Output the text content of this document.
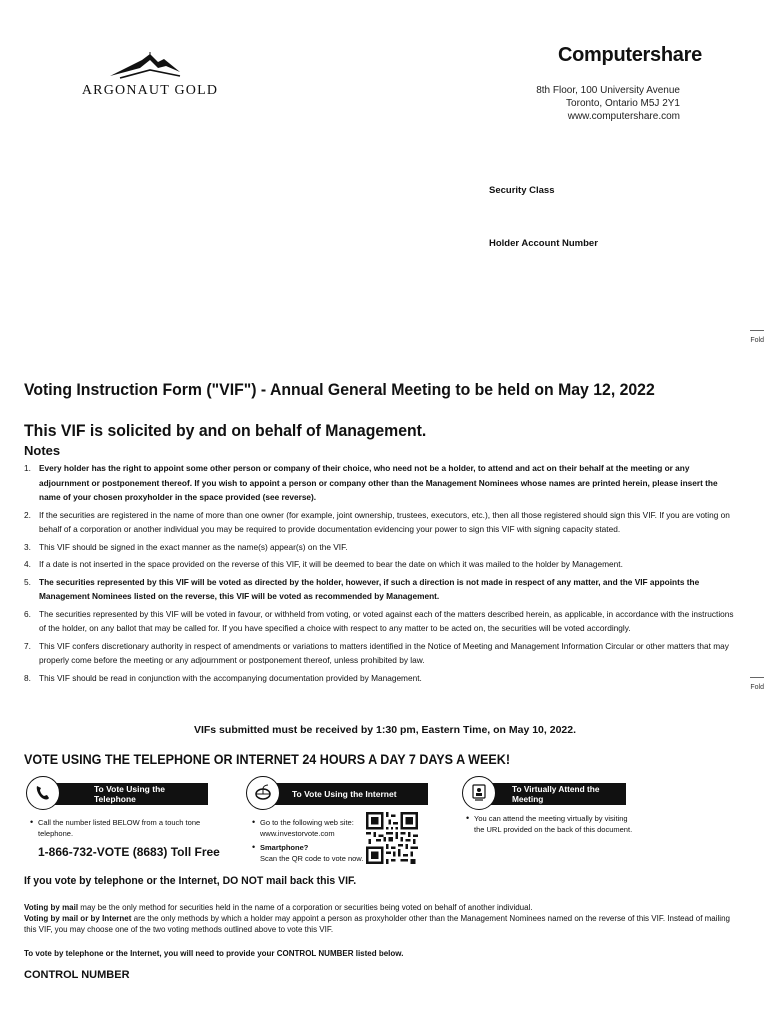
ARGONAUT GOLD
Computershare
8th Floor, 100 University Avenue
Toronto, Ontario M5J 2Y1
www.computershare.com
Security Class
Holder Account Number
Fold
Fold
Voting Instruction Form ("VIF") - Annual General Meeting to be held on May 12, 2022
This VIF is solicited by and on behalf of Management.
Notes
1. Every holder has the right to appoint some other person or company of their choice, who need not be a holder, to attend and act on their behalf at the meeting or any adjournment or postponement thereof. If you wish to appoint a person or company other than the Management Nominees whose names are printed herein, please insert the name of your chosen proxyholder in the space provided (see reverse).
2. If the securities are registered in the name of more than one owner (for example, joint ownership, trustees, executors, etc.), then all those registered should sign this VIF. If you are voting on behalf of a corporation or another individual you may be required to provide documentation evidencing your power to sign this VIF with signing capacity stated.
3. This VIF should be signed in the exact manner as the name(s) appear(s) on the VIF.
4. If a date is not inserted in the space provided on the reverse of this VIF, it will be deemed to bear the date on which it was mailed to the holder by Management.
5. The securities represented by this VIF will be voted as directed by the holder, however, if such a direction is not made in respect of any matter, and the VIF appoints the Management Nominees listed on the reverse, this VIF will be voted as recommended by Management.
6. The securities represented by this VIF will be voted in favour, or withheld from voting, or voted against each of the matters described herein, as applicable, in accordance with the instructions of the holder, on any ballot that may be called for. If you have specified a choice with respect to any matter to be acted on, the securities will be voted accordingly.
7. This VIF confers discretionary authority in respect of amendments or variations to matters identified in the Notice of Meeting and Management Information Circular or other matters that may properly come before the meeting or any adjournment or postponement thereof, unless prohibited by law.
8. This VIF should be read in conjunction with the accompanying documentation provided by Management.
VIFs submitted must be received by 1:30 pm, Eastern Time, on May 10, 2022.
VOTE USING THE TELEPHONE OR INTERNET 24 HOURS A DAY 7 DAYS A WEEK!
To Vote Using the Telephone
• Call the number listed BELOW from a touch tone telephone.
1-866-732-VOTE (8683) Toll Free
To Vote Using the Internet
• Go to the following web site: www.investorvote.com
• Smartphone?
Scan the QR code to vote now.
To Virtually Attend the Meeting
• You can attend the meeting virtually by visiting the URL provided on the back of this document.
If you vote by telephone or the Internet, DO NOT mail back this VIF.
Voting by mail may be the only method for securities held in the name of a corporation or securities being voted on behalf of another individual.
Voting by mail or by Internet are the only methods by which a holder may appoint a person as proxyholder other than the Management Nominees named on the reverse of this VIF. Instead of mailing this VIF, you may choose one of the two voting methods outlined above to vote this VIF.
To vote by telephone or the Internet, you will need to provide your CONTROL NUMBER listed below.
CONTROL NUMBER
